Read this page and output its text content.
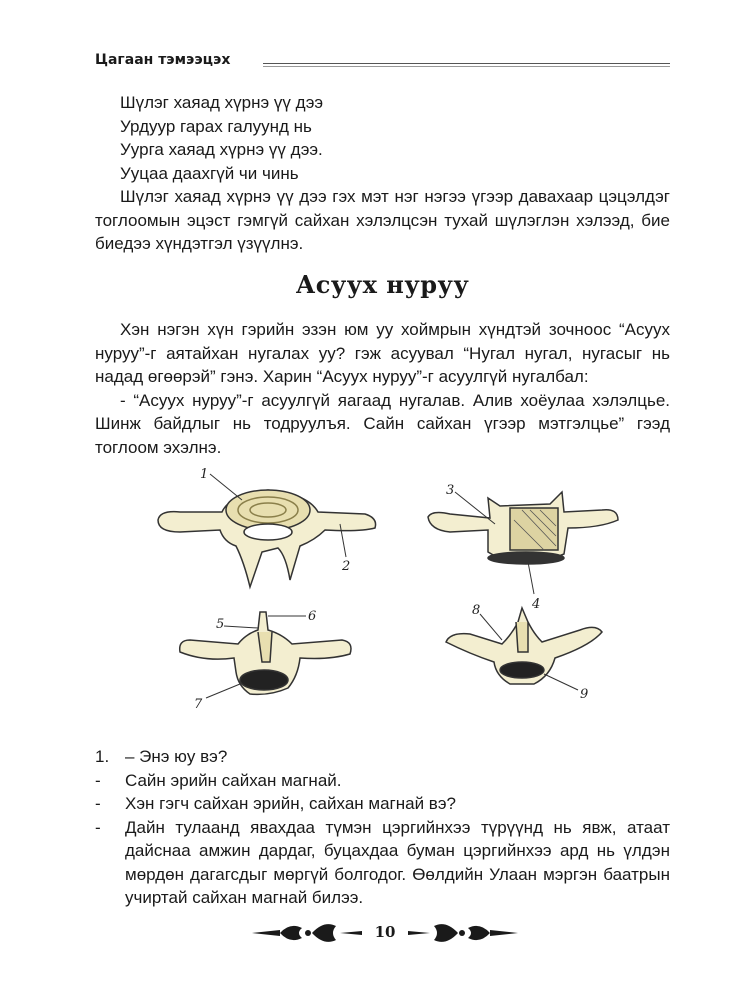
Цагаан тэмээцэх

Шүлэг хаяад хүрнэ үү дээ

Урдуур гарах галуунд нь

Уурга хаяад хүрнэ үү дээ.

Ууцаа даахгүй чи чинь

Шүлэг хаяад хүрнэ үү дээ гэх мэт нэг нэгээ үгээр давахаар цэцэлдэг тоглоомын эцэст гэмгүй сайхан хэлэлцсэн тухай шүлэглэн хэлээд, бие биедээ хүндэтгэл үзүүлнэ.

Асуух нуруу

Хэн нэгэн хүн гэрийн эзэн юм уу хоймрын хүндтэй зочноос “Асуух нуруу”-г аятайхан нугалах уу? гэж асуувал “Нугал нугал, нугасыг нь надад өгөөрэй” гэнэ. Харин “Асуух нуруу”-г асуулгүй нугалбал:

- “Асуух нуруу”-г асуулгүй яагаад нугалав. Алив хоёулаа хэлэлцье. Шинж байдлыг нь тодруулъя. Сайн сайхан үгээр мэтгэлцье” гээд тоглоом эхэлнэ.

1
2
3
4
5
6
7
8
9
1. – Энэ юу вэ?
-	Сайн эрийн сайхан магнай.
-	Хэн гэгч сайхан эрийн, сайхан магнай вэ?
-	Дайн тулаанд явахдаа түмэн цэргийнхээ түрүүнд нь явж, атаат дайснаа амжин дардаг, буцахдаа буман цэргийнхээ ард нь үлдэн мөрдөн дагагсдыг мөргүй болгодог. Өөлдийн Улаан мэргэн баатрын учиртай сайхан магнай билээ.
10
